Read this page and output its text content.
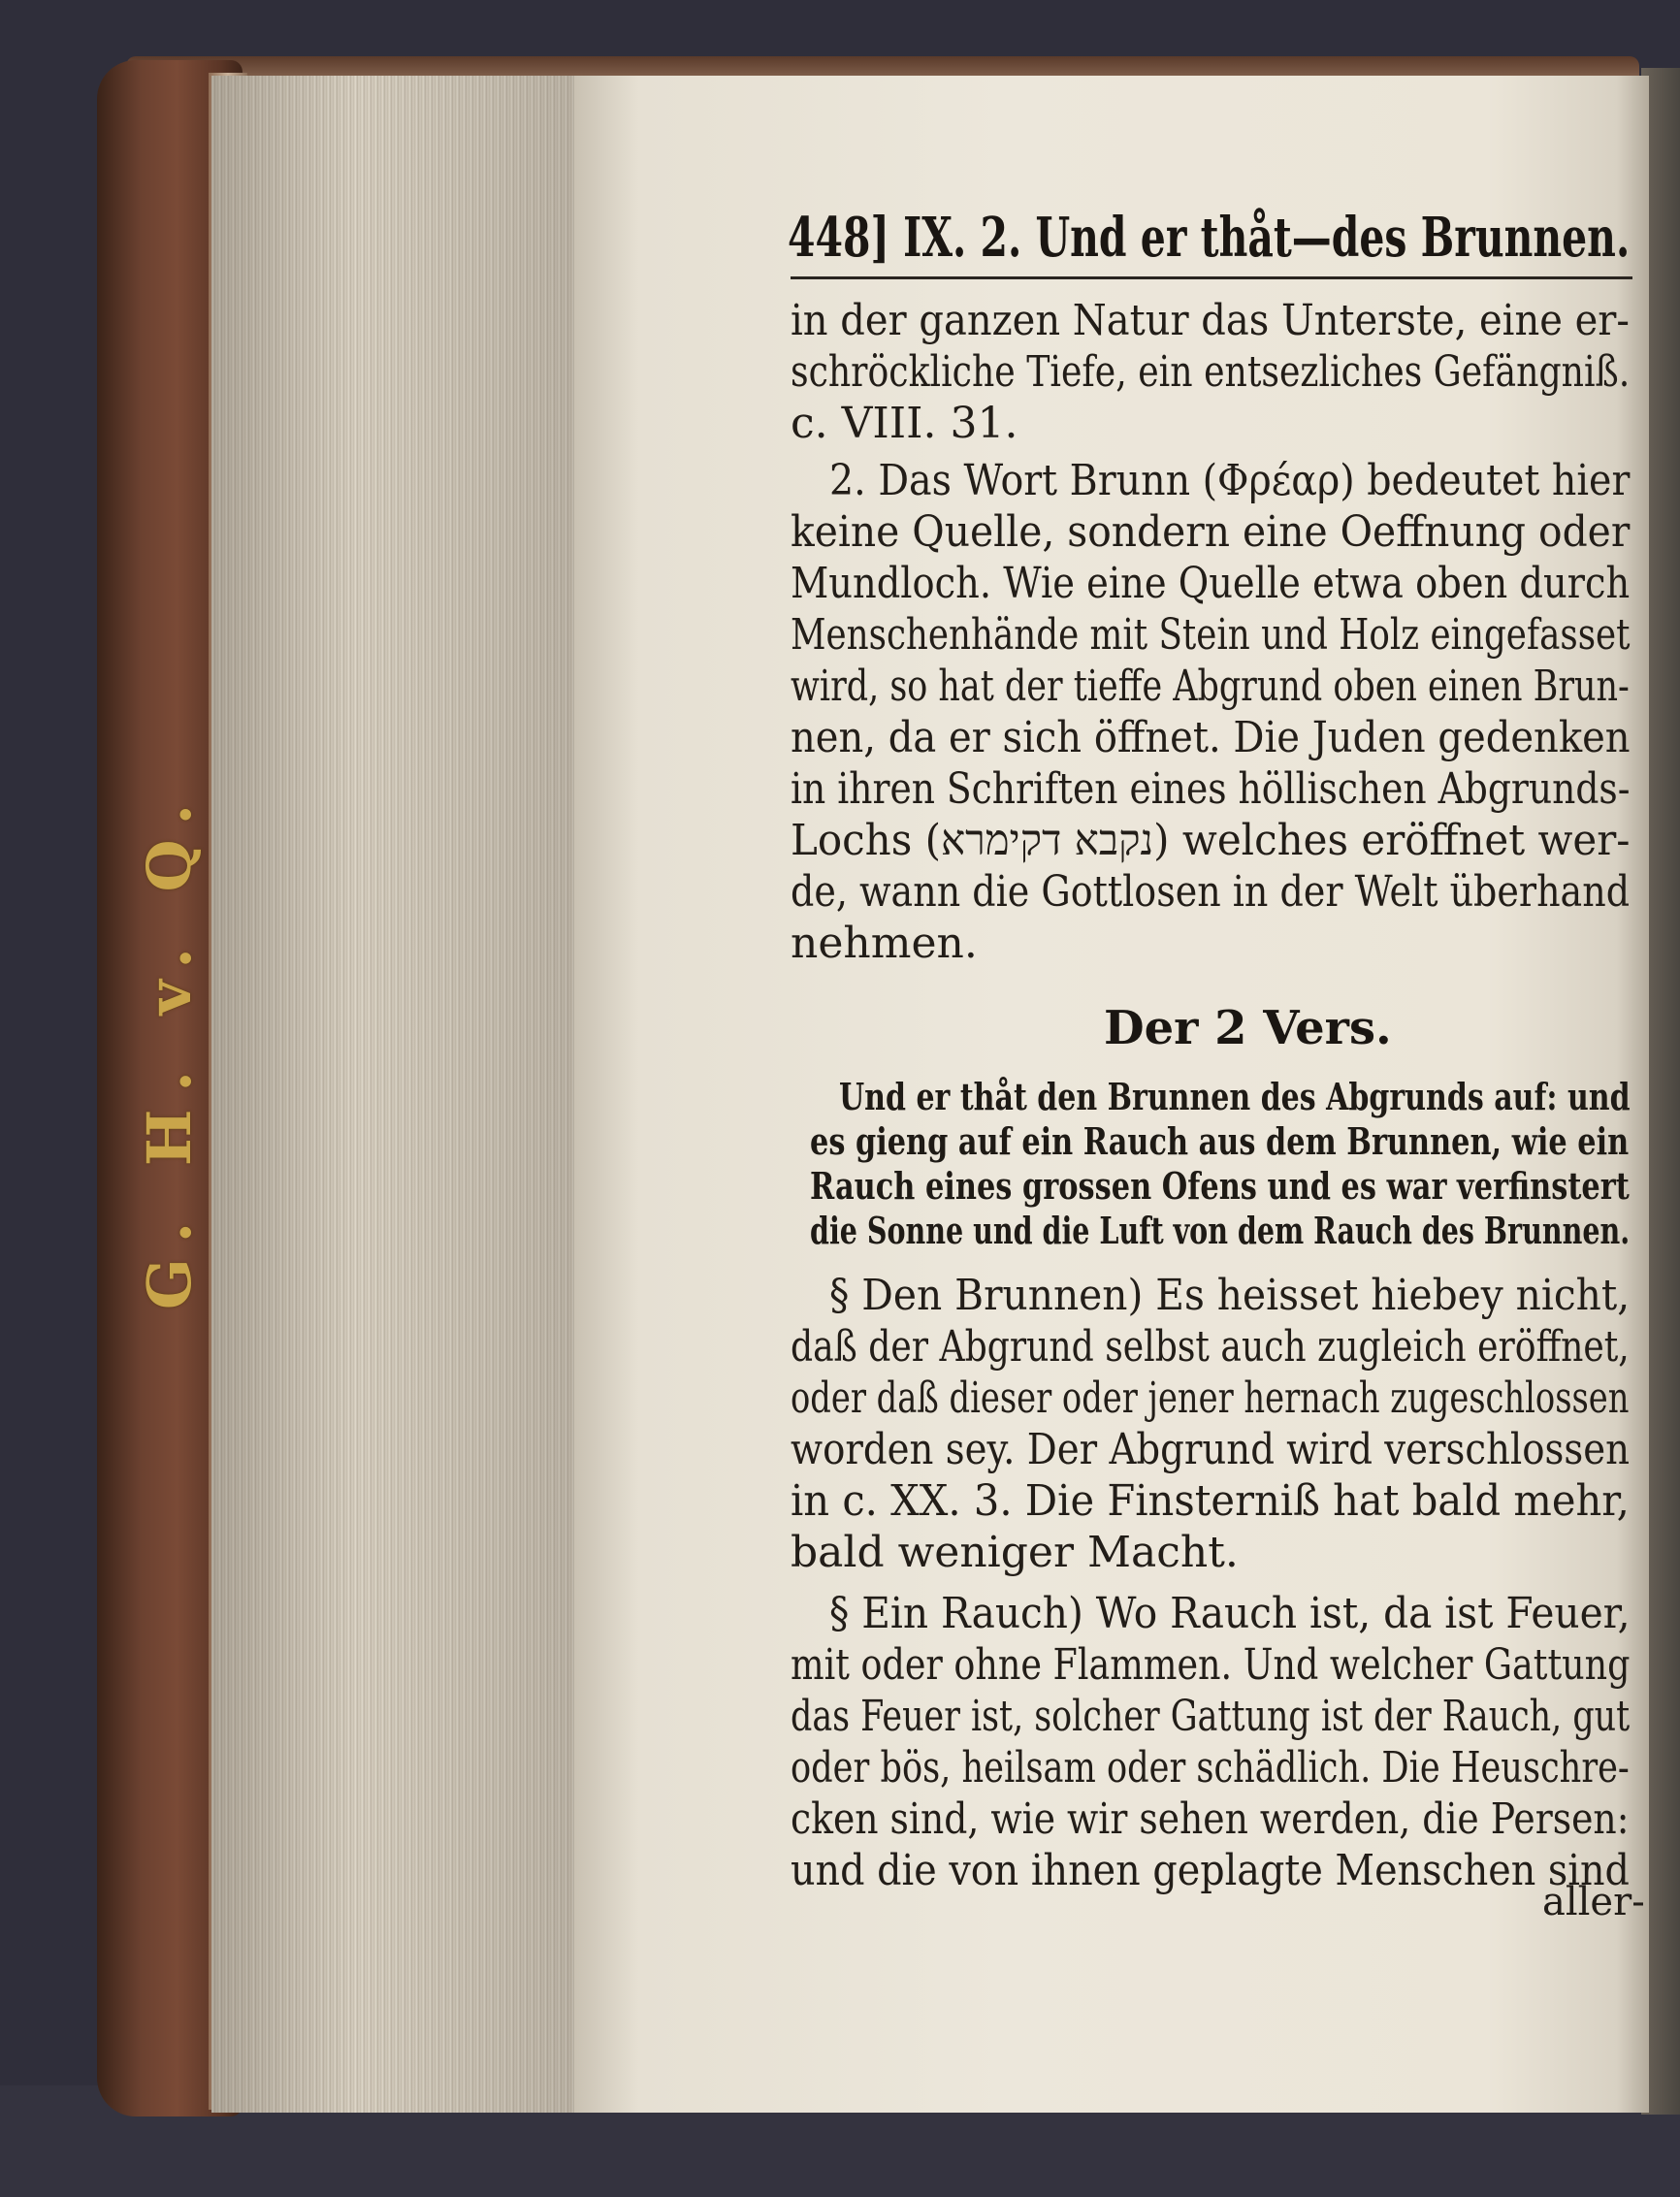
G. H. v. Q.
448] IX. 2. Und er thåt—des Brunnen.
in der ganzen Natur das Unterste, eine er-
schröckliche Tiefe, ein entsezliches Gefängniß.
c. VIII. 31.
2. Das Wort Brunn (Φρέαρ) bedeutet hier
keine Quelle, sondern eine Oeffnung oder
Mundloch. Wie eine Quelle etwa oben durch
Menschenhände mit Stein und Holz eingefasset
wird, so hat der tieffe Abgrund oben einen Brun-
nen, da er sich öffnet. Die Juden gedenken
in ihren Schriften eines höllischen Abgrunds-
Lochs (נקבא דקימרא) welches eröffnet wer-
de, wann die Gottlosen in der Welt überhand
nehmen.
Der 2 Vers.
Und er thåt den Brunnen des Abgrunds auf: und
es gieng auf ein Rauch aus dem Brunnen, wie ein
Rauch eines grossen Ofens und es war verfinstert
die Sonne und die Luft von dem Rauch des Brunnen.
§ Den Brunnen) Es heisset hiebey nicht,
daß der Abgrund selbst auch zugleich eröffnet,
oder daß dieser oder jener hernach zugeschlossen
worden sey. Der Abgrund wird verschlossen
in c. XX. 3. Die Finsterniß hat bald mehr,
bald weniger Macht.
§ Ein Rauch) Wo Rauch ist, da ist Feuer,
mit oder ohne Flammen. Und welcher Gattung
das Feuer ist, solcher Gattung ist der Rauch, gut
oder bös, heilsam oder schädlich. Die Heuschre-
cken sind, wie wir sehen werden, die Persen:
und die von ihnen geplagte Menschen sind
aller-
